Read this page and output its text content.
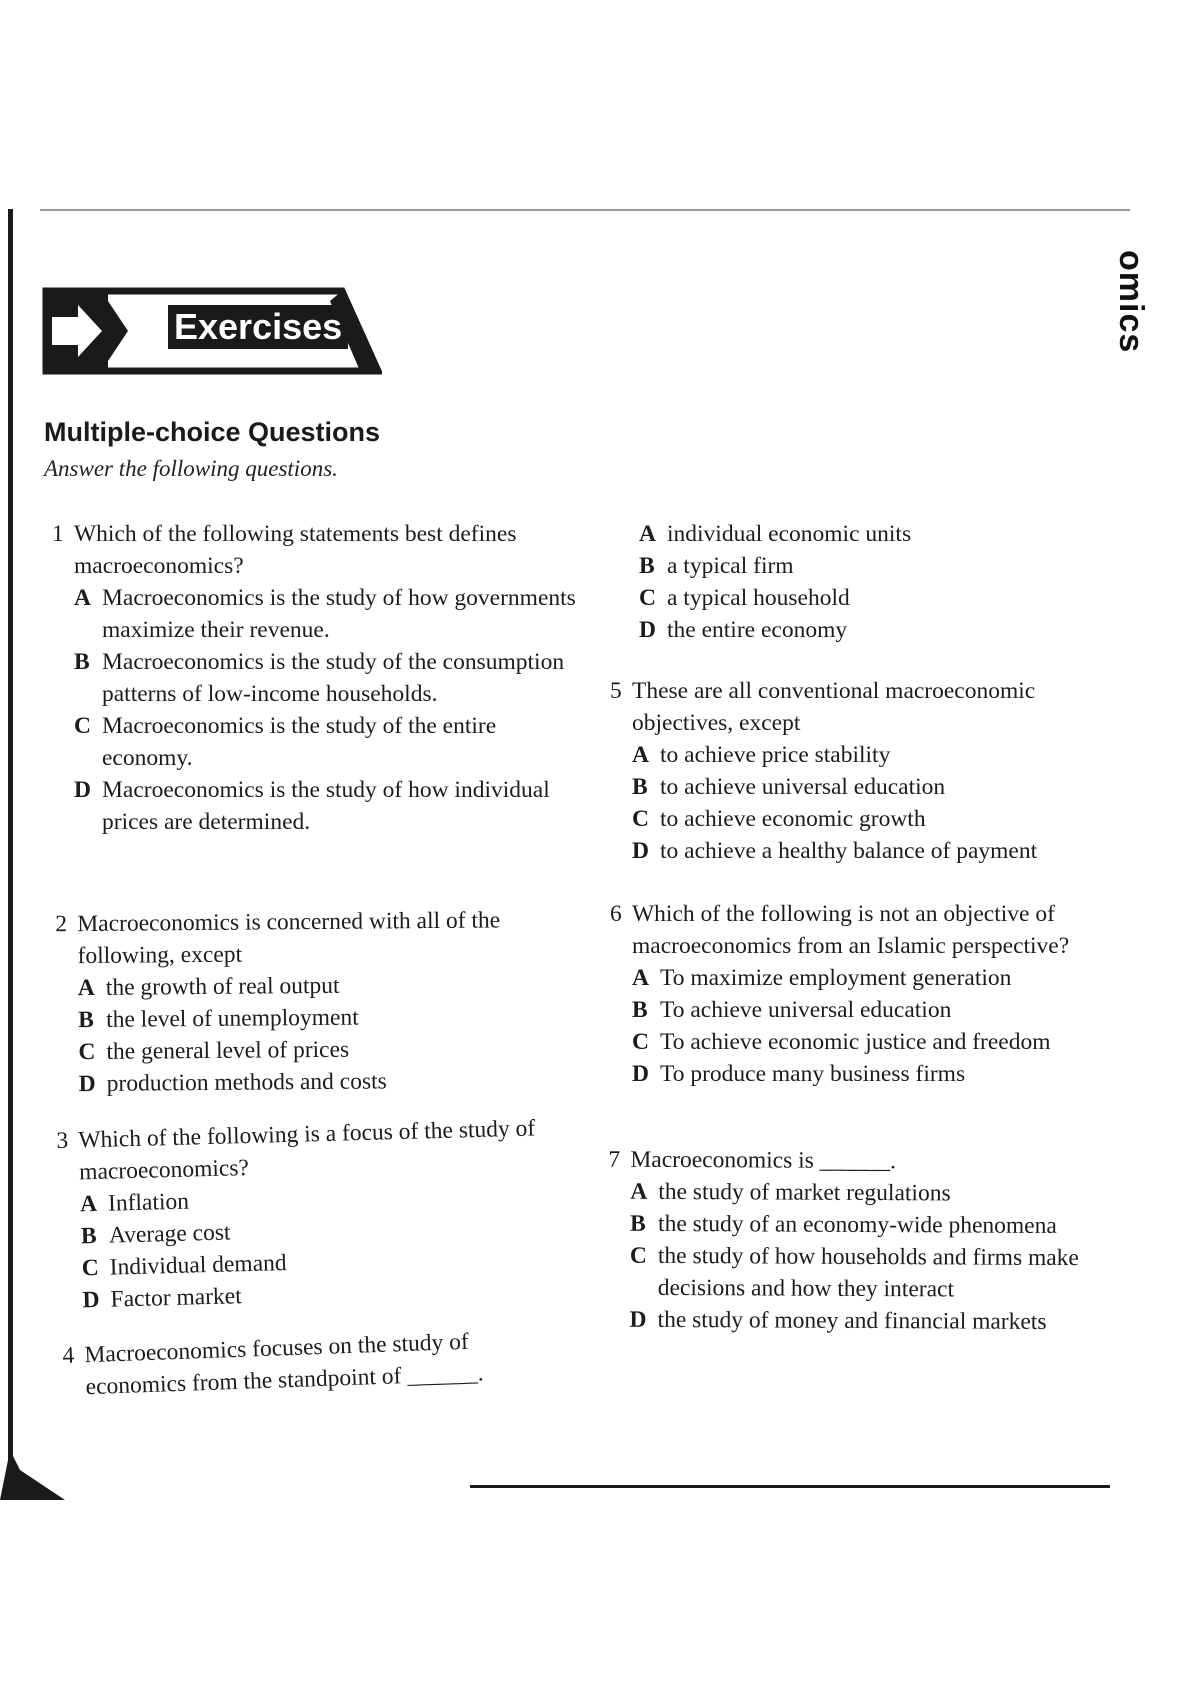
omics
Exercises
Multiple-choice Questions
Answer the following questions.
1 Which of the following statements best defines macroeconomics?
A Macroeconomics is the study of how governments maximize their revenue.
B Macroeconomics is the study of the consumption patterns of low-income households.
C Macroeconomics is the study of the entire economy.
D Macroeconomics is the study of how individual prices are determined.
2 Macroeconomics is concerned with all of the following, except
A the growth of real output
B the level of unemployment
C the general level of prices
D production methods and costs
3 Which of the following is a focus of the study of macroeconomics?
A Inflation
B Average cost
C Individual demand
D Factor market
4 Macroeconomics focuses on the study of economics from the standpoint of ______.
A individual economic units
B a typical firm
C a typical household
D the entire economy
5 These are all conventional macroeconomic objectives, except
A to achieve price stability
B to achieve universal education
C to achieve economic growth
D to achieve a healthy balance of payment
6 Which of the following is not an objective of macroeconomics from an Islamic perspective?
A To maximize employment generation
B To achieve universal education
C To achieve economic justice and freedom
D To produce many business firms
7 Macroeconomics is ______.
A the study of market regulations
B the study of an economy-wide phenomena
C the study of how households and firms make decisions and how they interact
D the study of money and financial markets
